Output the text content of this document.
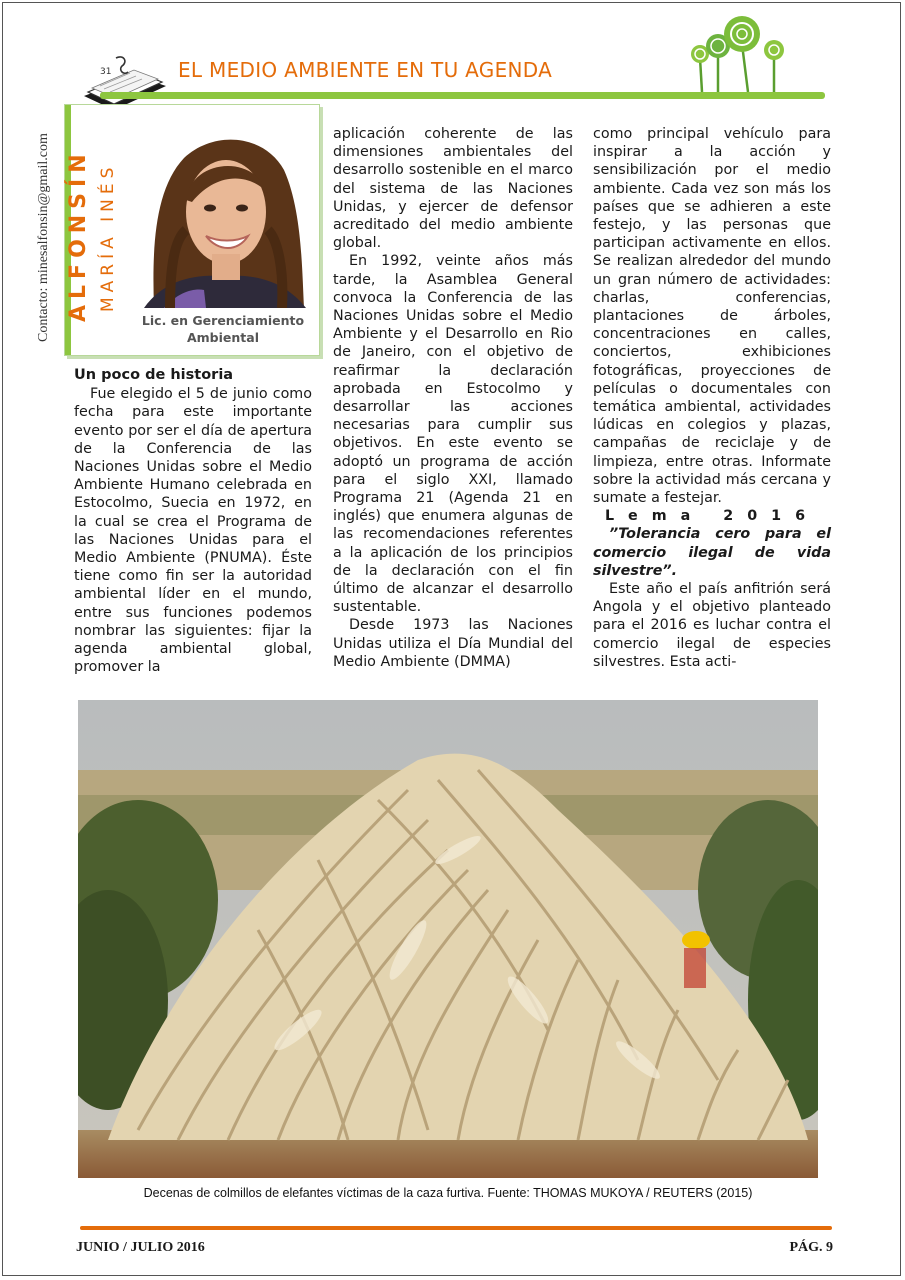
31	EL MEDIO AMBIENTE EN TU AGENDA
Contacto: minesalfonsin@gmail.com ALFONSÍN MARÍA INÉS
Lic. en Gerenciamiento
Ambiental
Un poco de historia

Fue elegido el 5 de junio como fecha para este importante evento por ser el día de apertura de la Conferencia de las Naciones Unidas sobre el Medio Ambiente Humano celebrada en Estocolmo, Suecia en 1972, en la cual se crea el Programa de las Naciones Unidas para el Medio Ambiente (PNUMA). Éste tiene como fin ser la autoridad ambiental líder en el mundo, entre sus funciones podemos nombrar las siguientes: fijar la agenda ambiental global, promover la

aplicación coherente de las dimensiones ambientales del desarrollo sostenible en el marco del sistema de las Naciones Unidas, y ejercer de defensor acreditado del medio ambiente global.

En 1992, veinte años más tarde, la Asamblea General convoca la Conferencia de las Naciones Unidas sobre el Medio Ambiente y el Desarrollo en Rio de Janeiro, con el objetivo de reafirmar la declaración aprobada en Estocolmo y desarrollar las acciones necesarias para cumplir sus objetivos. En este evento se adoptó un programa de acción para el siglo XXI, llamado Programa 21 (Agenda 21 en inglés) que enumera algunas de las recomendaciones referentes a la aplicación de los principios de la declaración con el fin último de alcanzar el desarrollo sustentable.

Desde 1973 las Naciones Unidas utiliza el Día Mundial del Medio Ambiente (DMMA)

como principal vehículo para inspirar a la acción y sensibilización por el medio ambiente. Cada vez son más los países que se adhieren a este festejo, y las personas que participan activamente en ellos. Se realizan alrededor del mundo un gran número de actividades: charlas, conferencias, plantaciones de árboles, concentraciones en calles, conciertos, exhibiciones fotográficas, proyecciones de películas o documentales con temática ambiental, actividades lúdicas en colegios y plazas, campañas de reciclaje y de limpieza, entre otras. Informate sobre la actividad más cercana y sumate a festejar.

Lema 2016

”Tolerancia cero para el comercio ilegal de vida silvestre”.

Este año el país anfitrión será Angola y el objetivo planteado para el 2016 es luchar contra el comercio ilegal de especies silvestres. Esta acti-

Decenas de colmillos de elefantes víctimas de la caza furtiva. Fuente: THOMAS MUKOYA / REUTERS (2015)
JUNIO / JULIO 2016	PÁG. 9
